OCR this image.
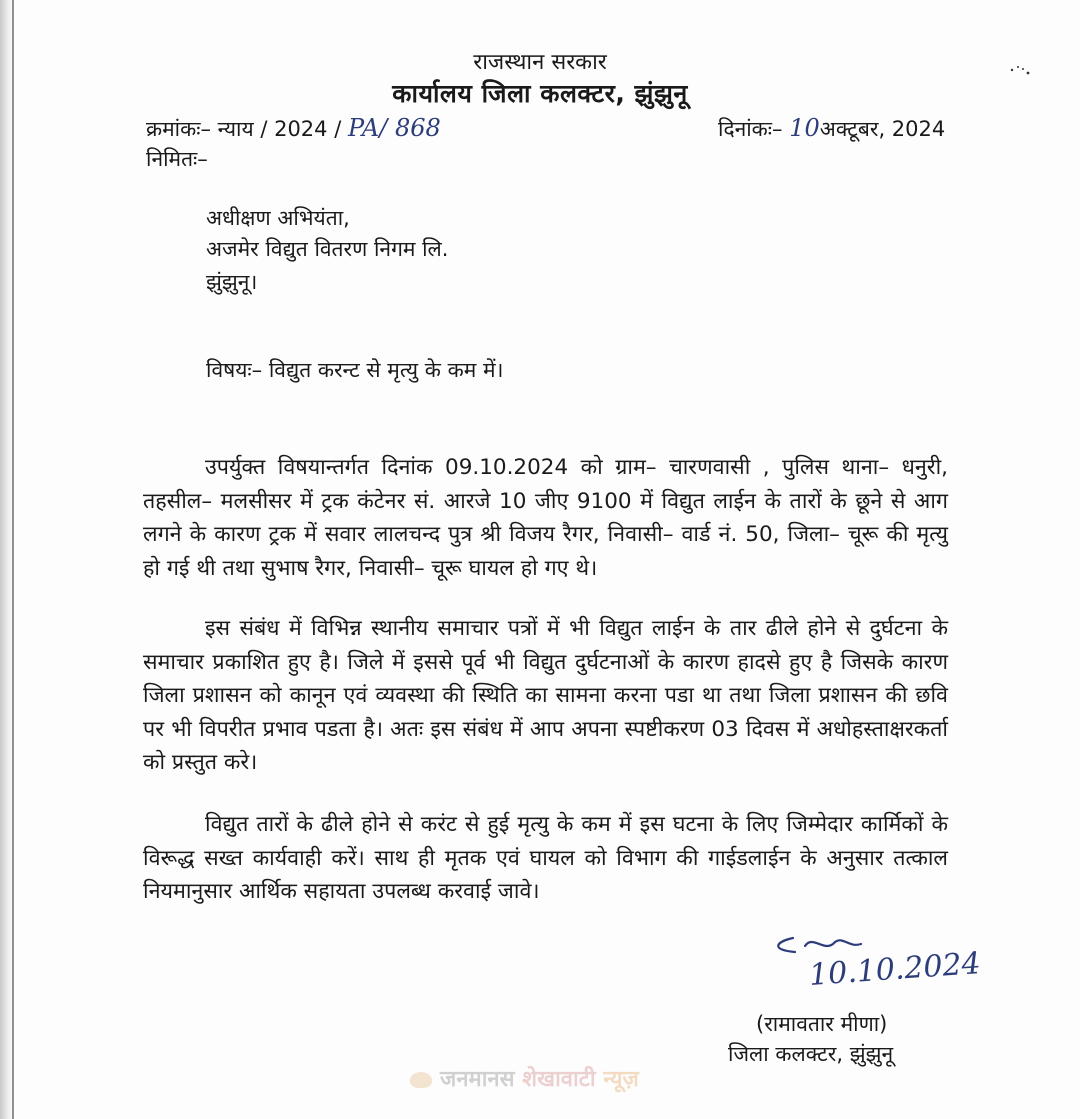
राजस्थान सरकार
कार्यालय जिला कलक्टर, झुंझुनू
क्रमांकः– न्याय / 2024 / PA/ 868	दिनांकः– 10अक्टूबर, 2024
निमितः–
अधीक्षण अभियंता,
अजमेर विद्युत वितरण निगम लि.
झुंझुनू।
विषयः– विद्युत करन्ट से मृत्यु के कम में।
उपर्युक्त विषयान्तर्गत दिनांक 09.10.2024 को ग्राम– चारणवासी , पुलिस थाना– धनुरी, तहसील– मलसीसर में ट्रक कंटेनर सं. आरजे 10 जीए 9100 में विद्युत लाईन के तारों के छूने से आग लगने के कारण ट्रक में सवार लालचन्द पुत्र श्री विजय रैगर, निवासी– वार्ड नं. 50, जिला– चूरू की मृत्यु हो गई थी तथा सुभाष रैगर, निवासी– चूरू घायल हो गए थे।
इस संबंध में विभिन्न स्थानीय समाचार पत्रों में भी विद्युत लाईन के तार ढीले होने से दुर्घटना के समाचार प्रकाशित हुए है। जिले में इससे पूर्व भी विद्युत दुर्घटनाओं के कारण हादसे हुए है जिसके कारण जिला प्रशासन को कानून एवं व्यवस्था की स्थिति का सामना करना पडा था तथा जिला प्रशासन की छवि पर भी विपरीत प्रभाव पडता है। अतः इस संबंध में आप अपना स्पष्टीकरण 03 दिवस में अधोहस्ताक्षरकर्ता को प्रस्तुत करे।
विद्युत तारों के ढीले होने से करंट से हुई मृत्यु के कम में इस घटना के लिए जिम्मेदार कार्मिकों के विरूद्ध सख्त कार्यवाही करें। साथ ही मृतक एवं घायल को विभाग की गाईडलाईन के अनुसार तत्काल नियमानुसार आर्थिक सहायता उपलब्ध करवाई जावे।
10.10.2024
(रामावतार मीणा)
जिला कलक्टर, झुंझुनू
जनमानस शेखावाटी न्यूज़
